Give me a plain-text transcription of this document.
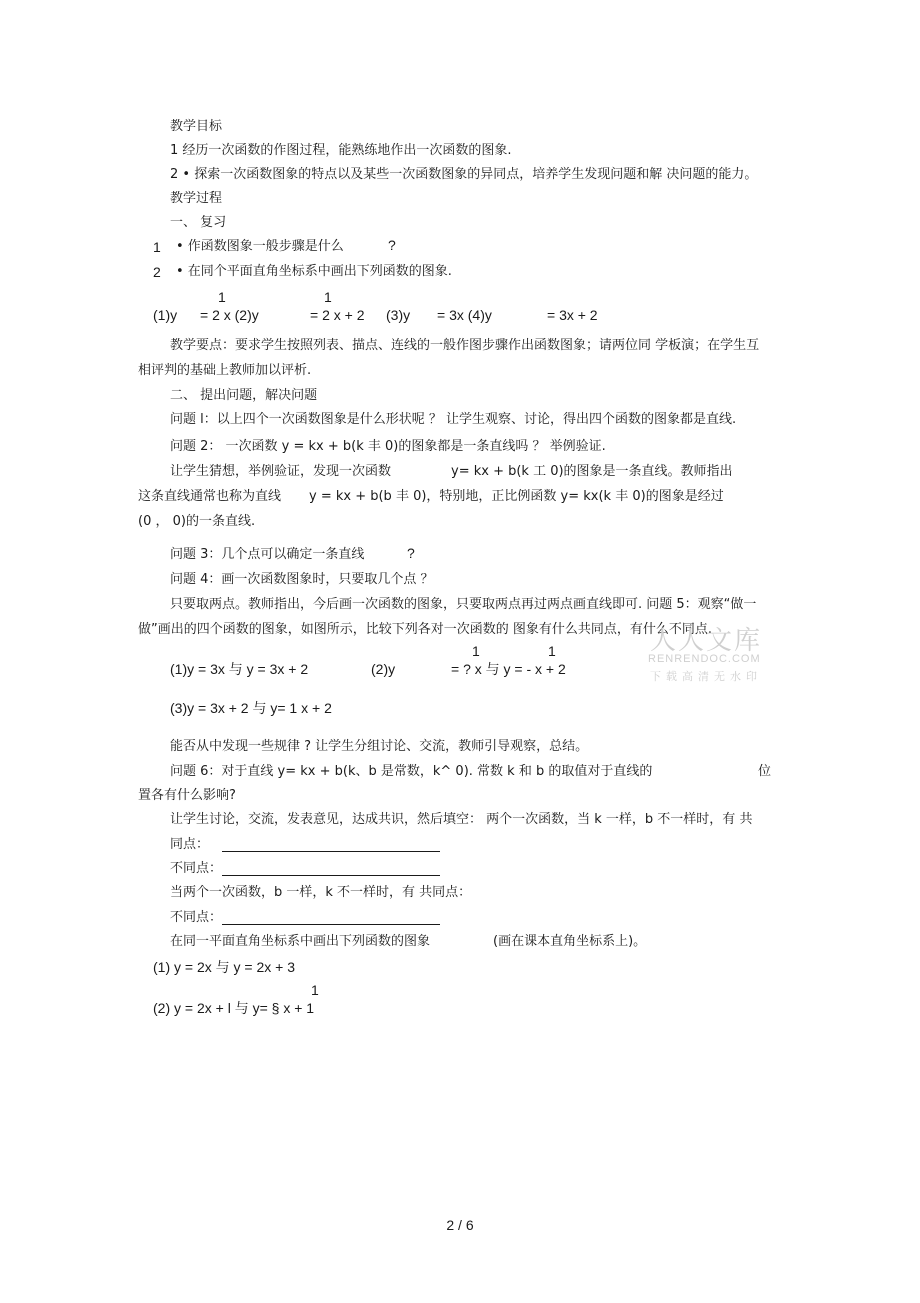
教学目标
1 经历一次函数的作图过程，能熟练地作出一次函数的图象.
2 • 探索一次函数图象的特点以及某些一次函数图象的异同点，培养学生发现问题和解 决问题的能力。
教学过程
一、 复习
1 • 作函数图象一般步骤是什么	?
2 • 在同个平面直角坐标系中画出下列函数的图象.
1	1
(1)y = 2 x (2)y	= 2 x + 2 (3)y = 3x (4)y	= 3x + 2
教学要点：要求学生按照列表、描点、连线的一般作图步骤作出函数图象；请两位同 学板演；在学生互
相评判的基础上教师加以评析.
二、 提出问题，解决问题
问题 l：以上四个一次函数图象是什么形状呢 ？ 让学生观察、讨论，得出四个函数的图象都是直线.
问题 2： 一次函数 y = kx + b(k 丰 0)的图象都是一条直线吗 ？ 举例验证.
让学生猜想，举例验证，发现一次函数	y= kx + b(k 工 0)的图象是一条直线。教师指出
这条直线通常也称为直线 y = kx + b(b 丰 0)，特别地，正比例函数 y= kx(k 丰 0)的图象是经过
(0 ， 0)的一条直线.
问题 3：几个点可以确定一条直线	?
问题 4：画一次函数图象时，只要取几个点 ？
只要取两点。教师指出，今后画一次函数的图象，只要取两点再过两点画直线即可. 问题 5：观察“做一
做”画出的四个函数的图象，如图所示，比较下列各对一次函数的 图象有什么共同点，有什么不同点.
人人文库
RENRENDOC.COM
下载高清无水印
1	1
(1)y = 3x 与 y = 3x + 2	(2)y	= ? x 与 y = - x + 2
(3)y = 3x + 2 与 y= 1 x + 2
能否从中发现一些规律 ? 让学生分组讨论、交流，教师引导观察，总结。
问题 6：对于直线 y= kx + b(k、b 是常数，k^ 0). 常数 k 和 b 的取值对于直线的	位
置各有什么影响?
让学生讨论，交流，发表意见，达成共识，然后填空： 两个一次函数，当 k 一样，b 不一样时，有 共
同点：
不同点：
当两个一次函数，b 一样，k 不一样时，有 共同点：
不同点：
在同一平面直角坐标系中画出下列函数的图象	(画在课本直角坐标系上)。
(1) y = 2x 与 y = 2x + 3
1
(2) y = 2x + l 与 y= § x + 1
2 / 6
